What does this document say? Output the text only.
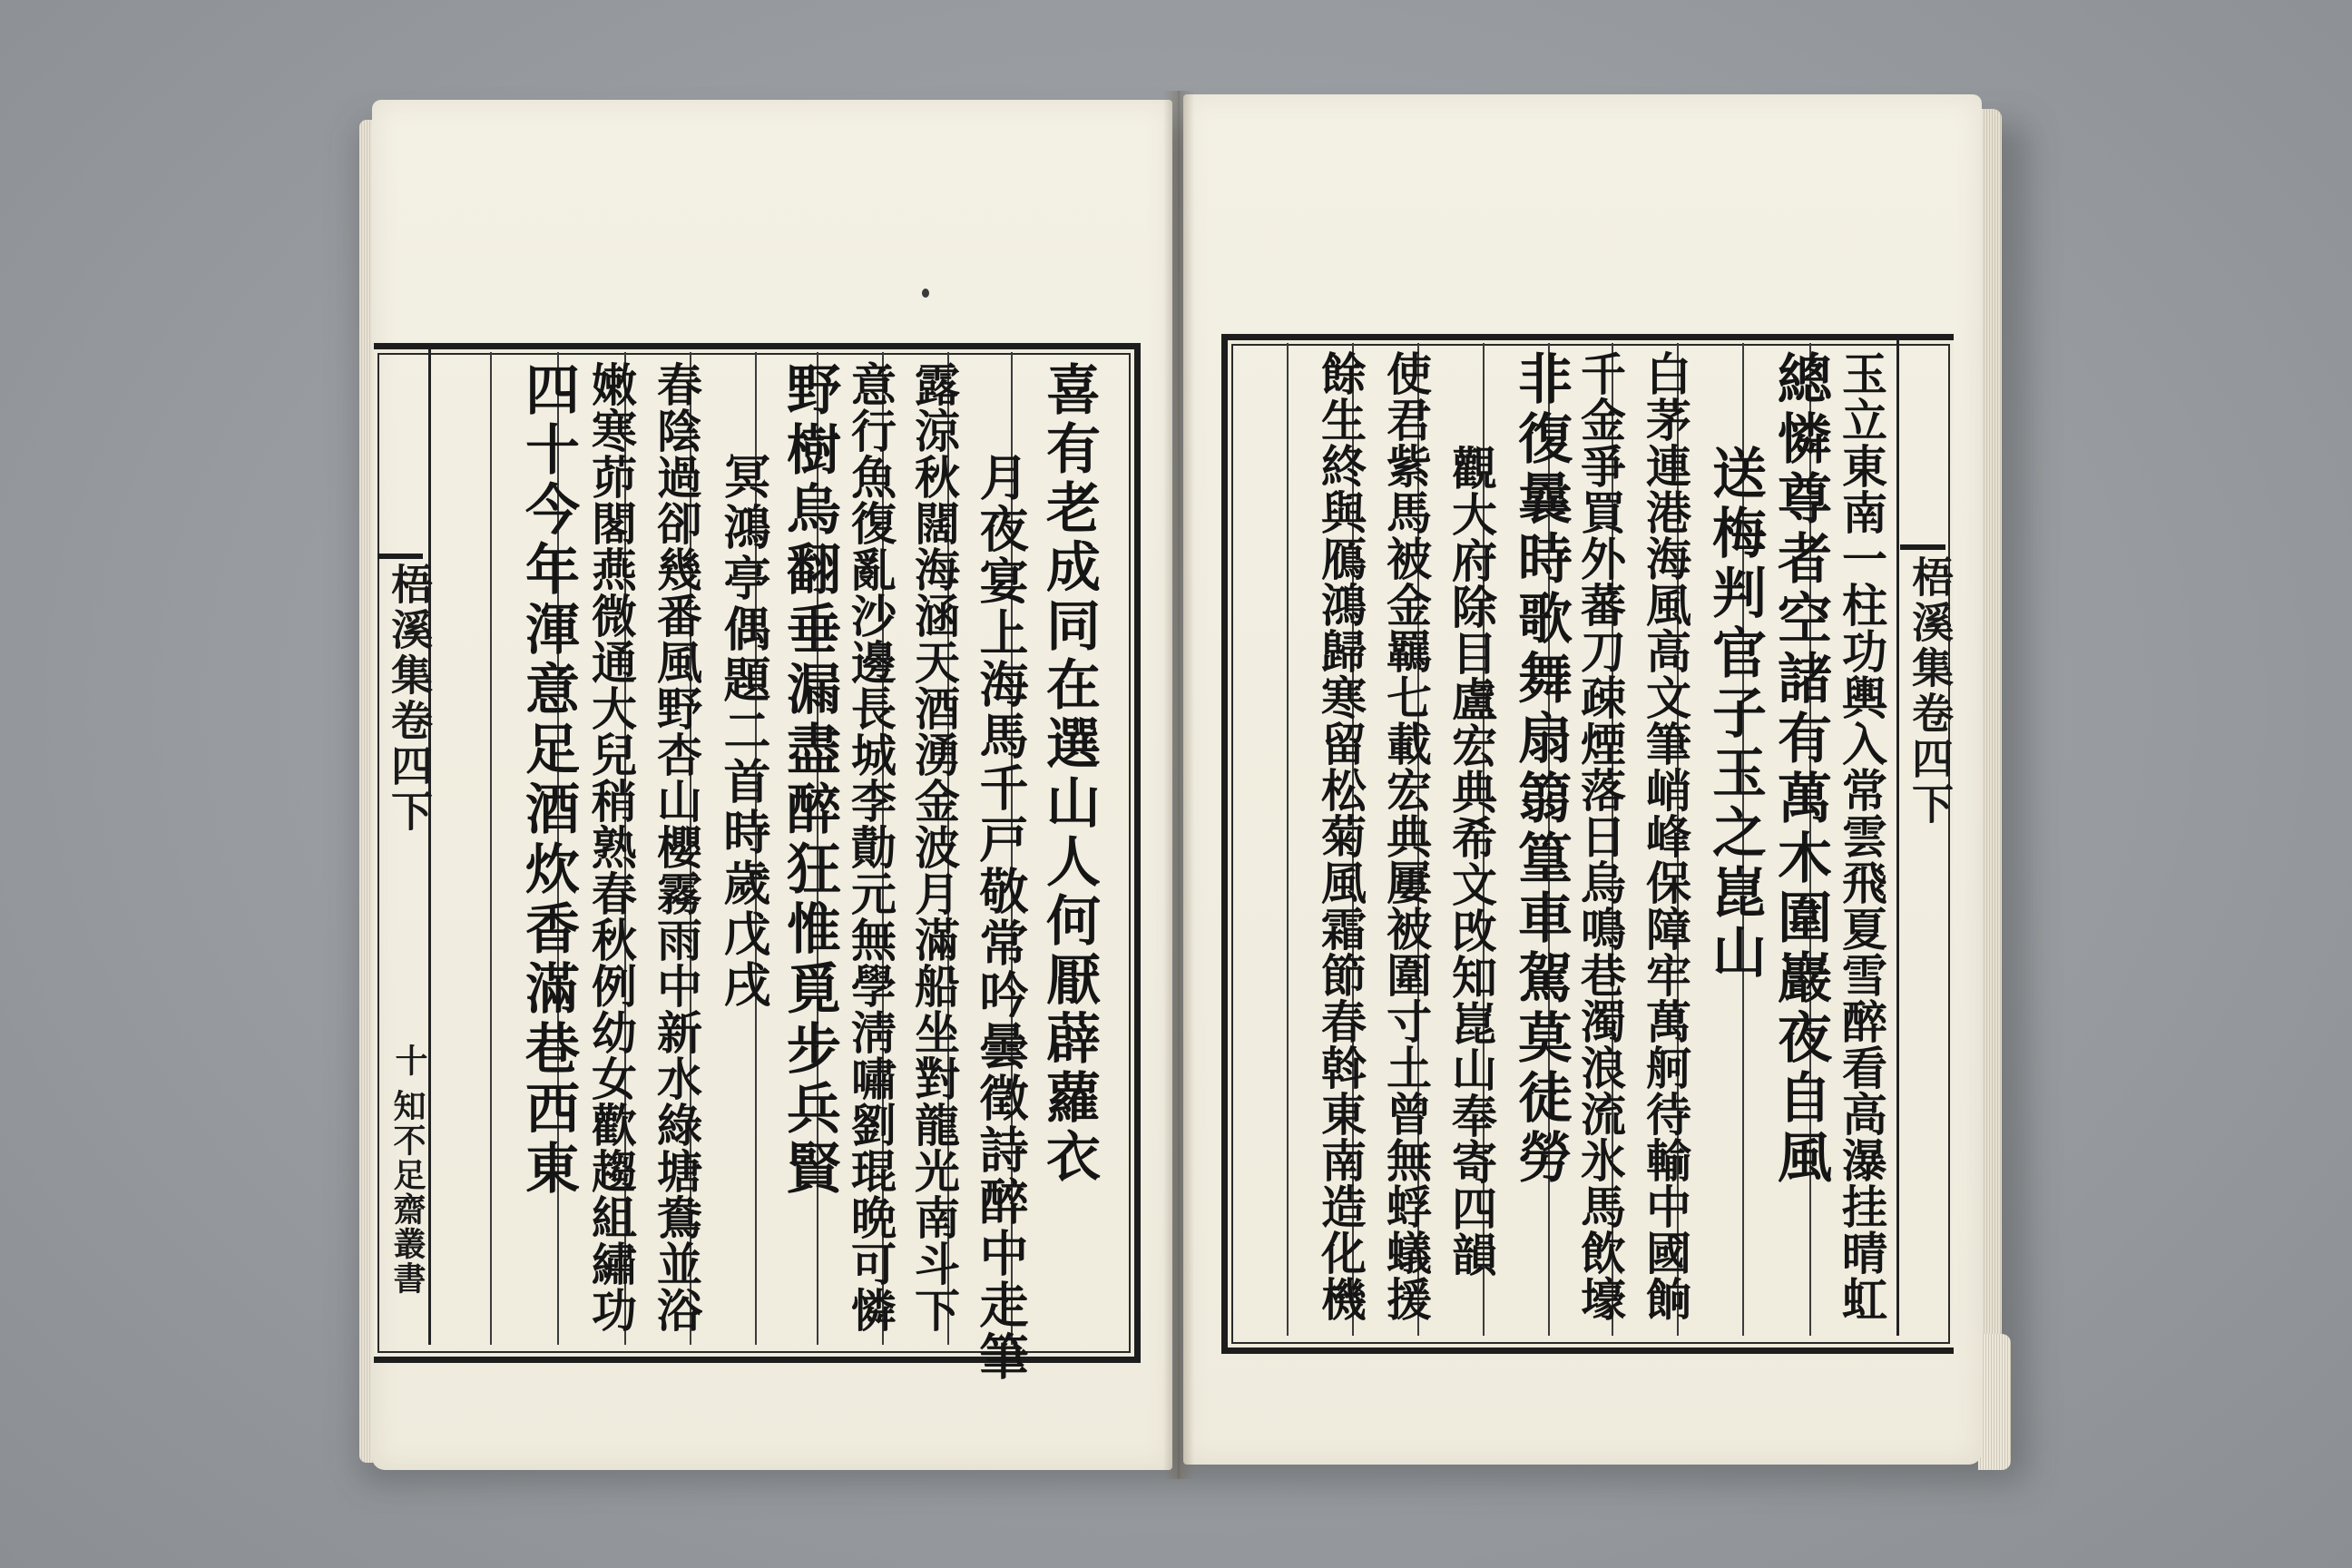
梧溪集卷四下
十
知不足齋叢書
喜有老成同在選山人何厭薜蘿衣
月夜宴上海馬千戸敬常吟曇徵詩醉中走筆
露涼秋闊海涵天酒湧金波月滿船坐對龍光南斗下
意行魚復亂沙邊長城李勣元無學淸嘯劉琨晩可憐
野樹烏翻垂漏盡醉狂惟覓步兵賢
冥鴻亭偶題二首時歲戊戌
春陰過卻幾番風野杏山櫻霧雨中新水綠塘鴦並浴
嫩寒茆閣燕微通大兒稍熟春秋例幼女歡趨組繡功
四十今年渾意足酒炊香滿巷西東	梧溪集卷四下
玉立東南一柱功輿入常雲飛夏雪醉看高瀑挂晴虹
總憐尊者空諸有萬木圍巖夜自風
送梅判官子玉之崑山
白茅連港海風高文筆峭峰保障牢萬舸待輸中國餉
千金爭買外蕃刀疎煙落日烏鳴巷濁浪流氷馬飲壕
非復曩時歌舞扇篛篁車駕莫徒勞
觀大府除目盧宏典希文攺知崑山奉寄四韻
使君紫馬被金羈七載宏典屢被圍寸土曾無蜉蟻援
餘生終與鴈鴻歸寒留松菊風霜節春斡東南造化機
